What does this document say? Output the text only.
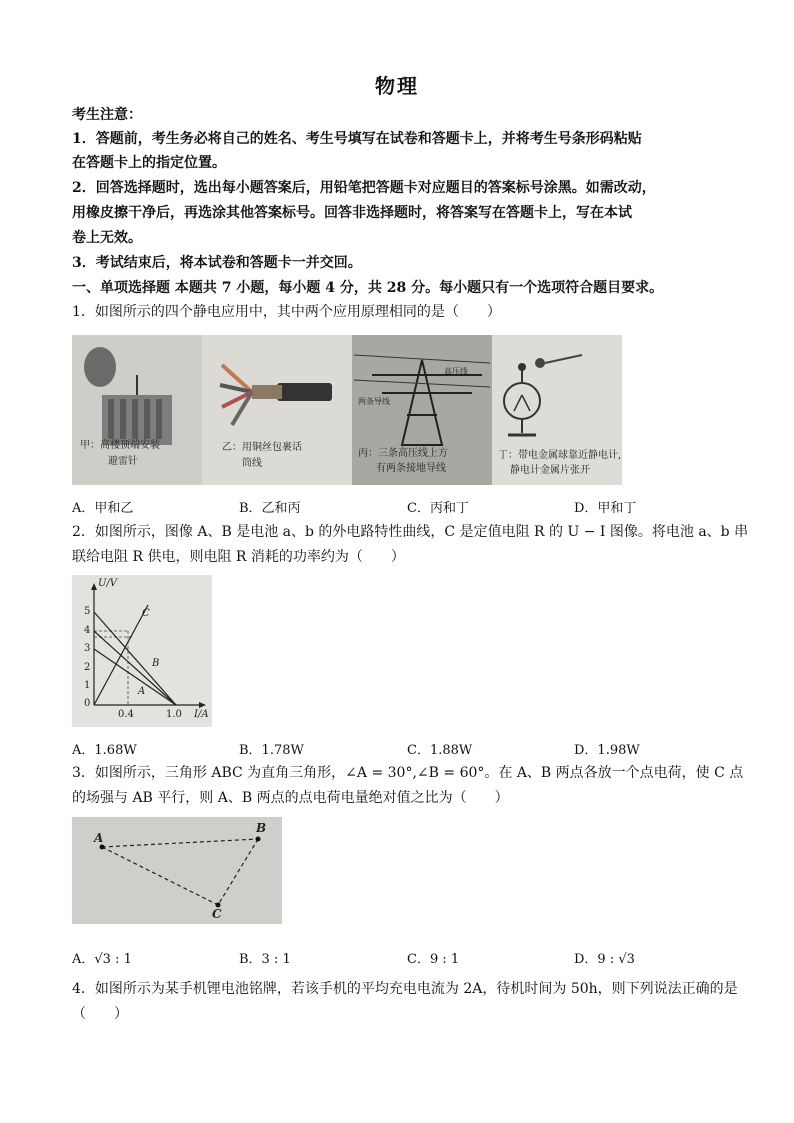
物理
考生注意：
1．答题前，考生务必将自己的姓名、考生号填写在试卷和答题卡上，并将考生号条形码粘贴
在答题卡上的指定位置。
2．回答选择题时，选出每小题答案后，用铅笔把答题卡对应题目的答案标号涂黑。如需改动，
用橡皮擦干净后，再选涂其他答案标号。回答非选择题时，将答案写在答题卡上，写在本试
卷上无效。
3．考试结束后，将本试卷和答题卡一并交回。
一、单项选择题 本题共 7 小题，每小题 4 分，共 28 分。每小题只有一个选项符合题目要求。
1．如图所示的四个静电应用中，其中两个应用原理相同的是（　　）
两条导线
高压线
甲：高楼顶端安装
避雷针
乙：用铜丝包裹话
筒线
丙：三条高压线上方
有两条接地导线
丁：带电金属球靠近静电计,
静电计金属片张开
A．甲和乙	B．乙和丙	C．丙和丁	D．甲和丁
2．如图所示，图像 A、B 是电池 a、b 的外电路特性曲线，C 是定值电阻 R 的 U − I 图像。将电池 a、b 串
联给电阻 R 供电，则电阻 R 消耗的功率约为（　　）
U/V
I/A
5
4
3
2
1
0
0.4	1.0
C
B
A
A．1.68W	B．1.78W	C．1.88W	D．1.98W
3．如图所示，三角形 ABC 为直角三角形，∠A = 30°,∠B = 60°。在 A、B 两点各放一个点电荷，使 C 点
的场强与 AB 平行，则 A、B 两点的点电荷电量绝对值之比为（　　）
A
B
C
A．√3 : 1	B．3 : 1	C．9 : 1	D．9 : √3
4．如图所示为某手机锂电池铭牌，若该手机的平均充电电流为 2A，待机时间为 50h，则下列说法正确的是
（　　）
